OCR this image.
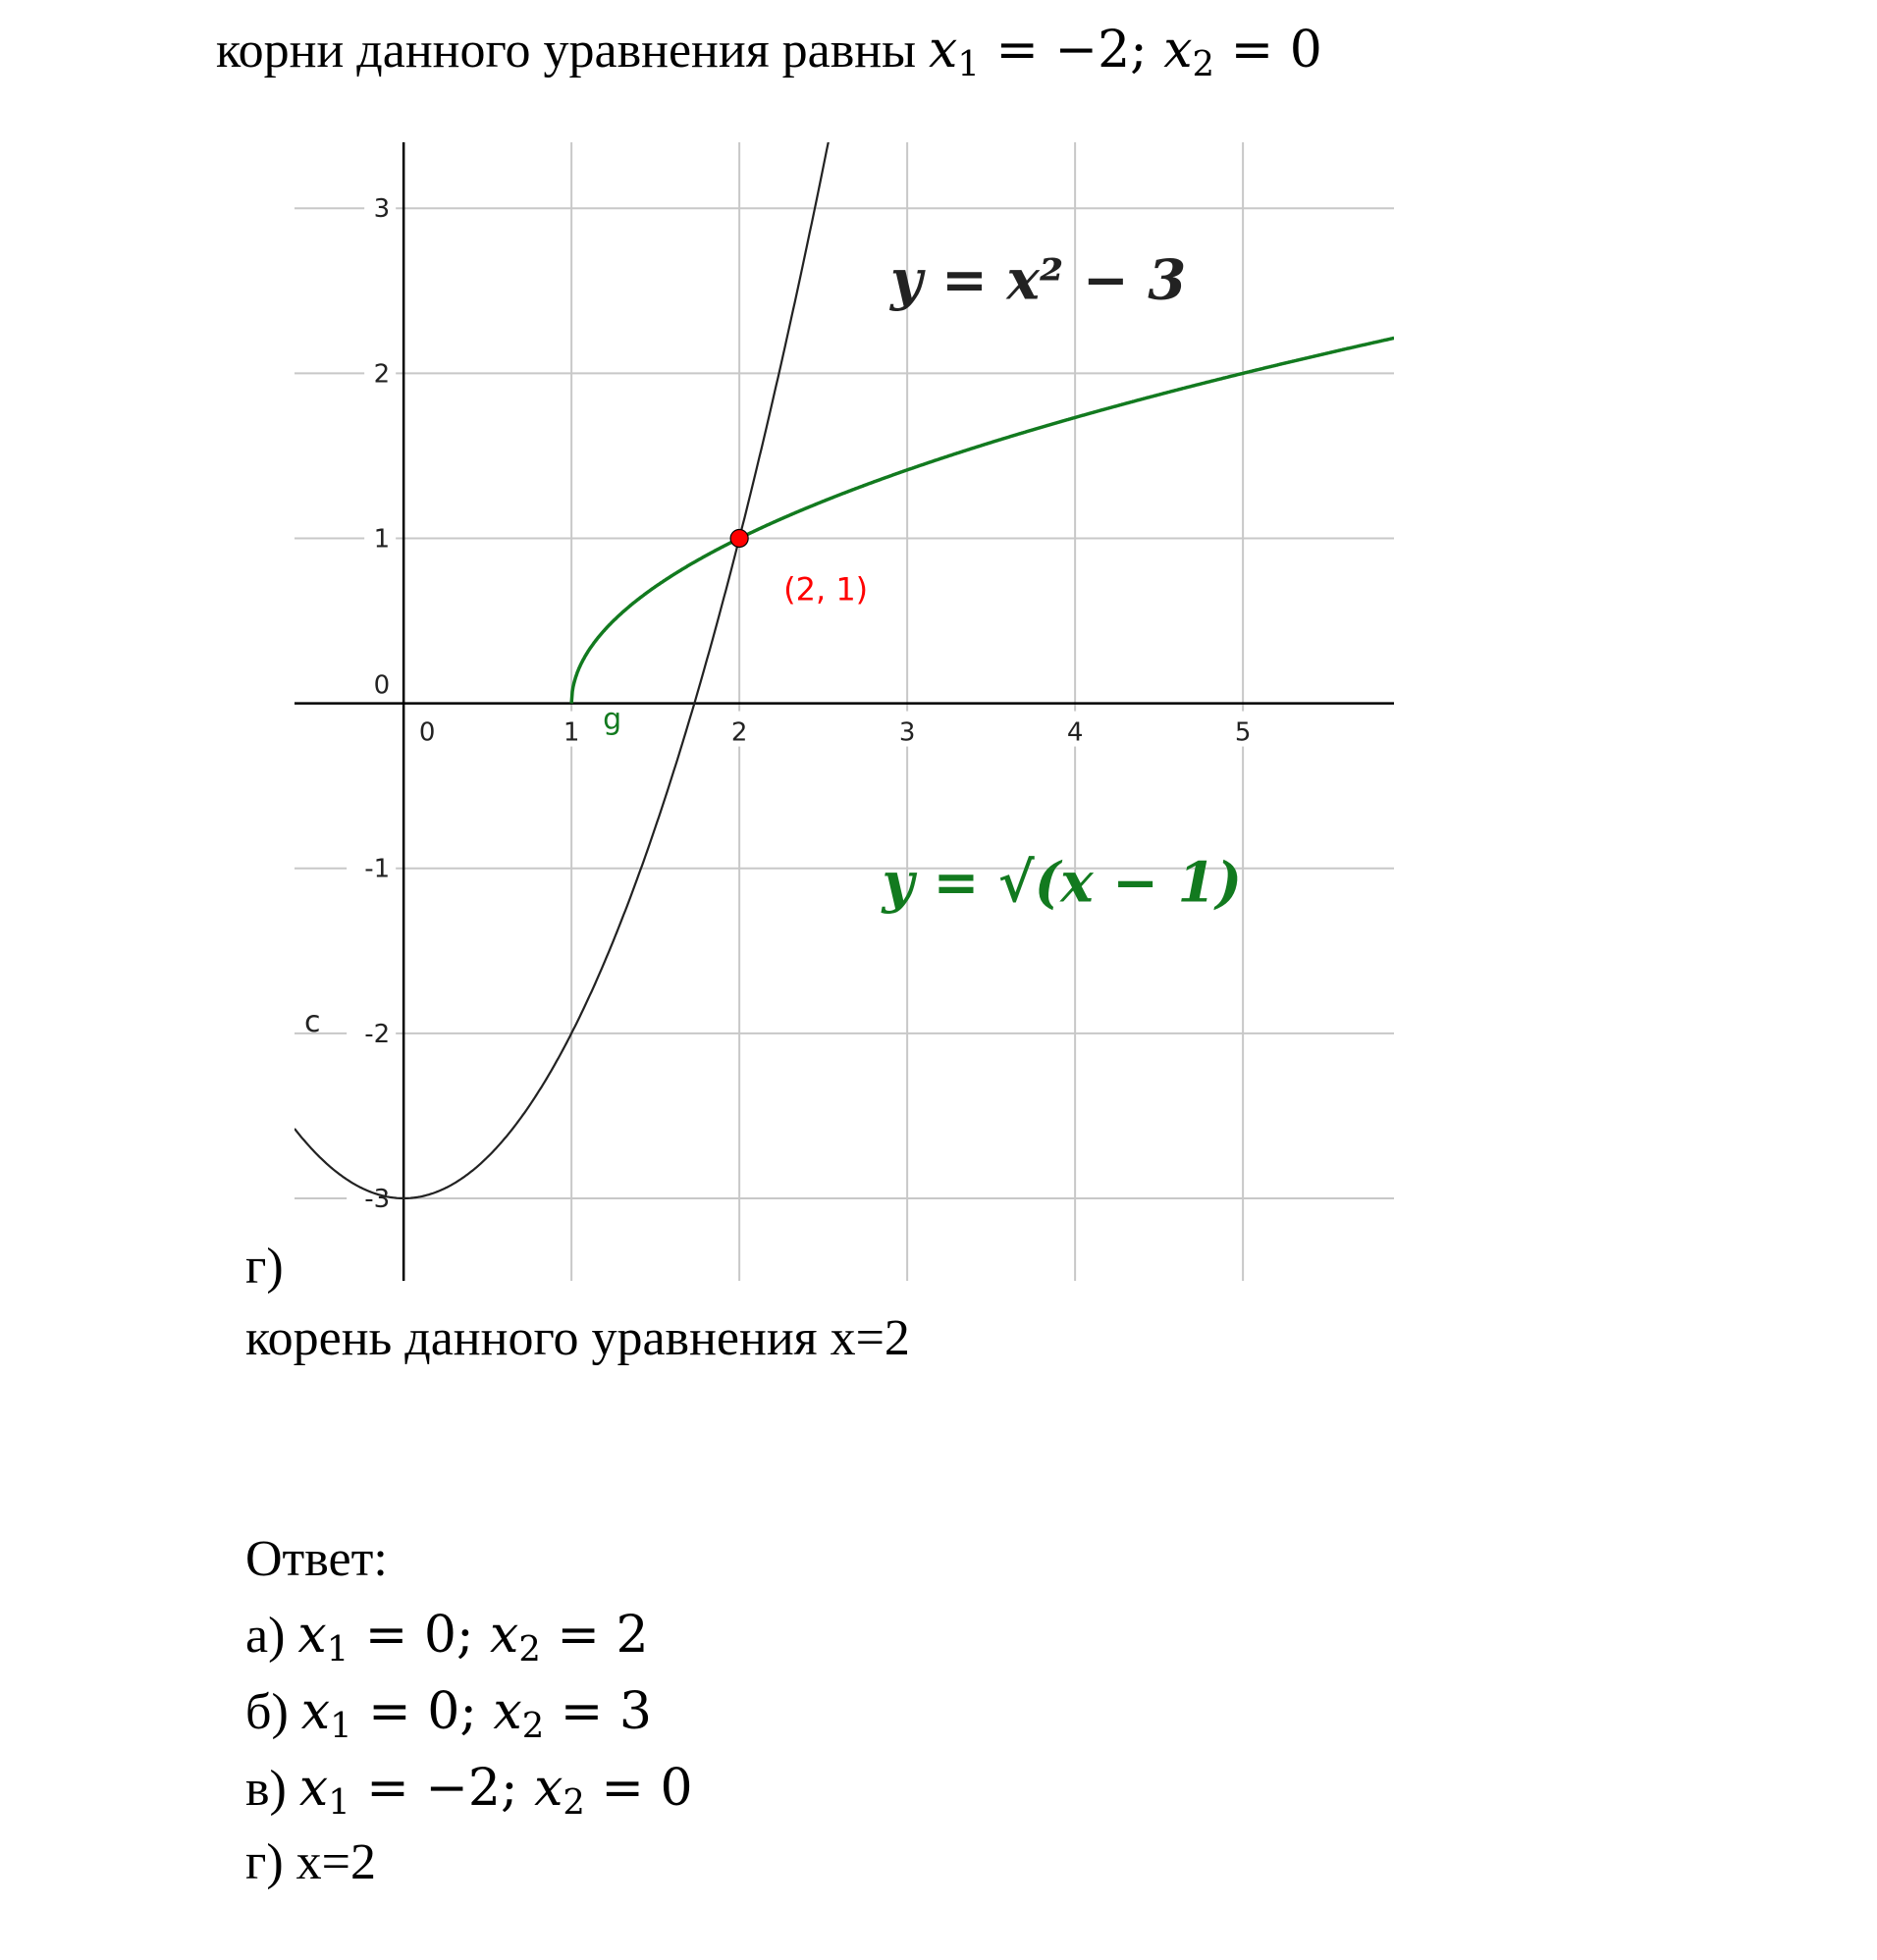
корни данного уравнения равны $x_1 = -2$; $x_2 = 0$
0	1	2	3	4	5
3
2
1
0
-1
-2
-3
(2, 1)
c
g
y = x² − 3
y = √(x − 1)
г)
корень данного уравнения x=2
Ответ:
а) $x_1 = 0$; $x_2 = 2$
б) $x_1 = 0$; $x_2 = 3$
в) $x_1 = -2$; $x_2 = 0$
г) x=2
